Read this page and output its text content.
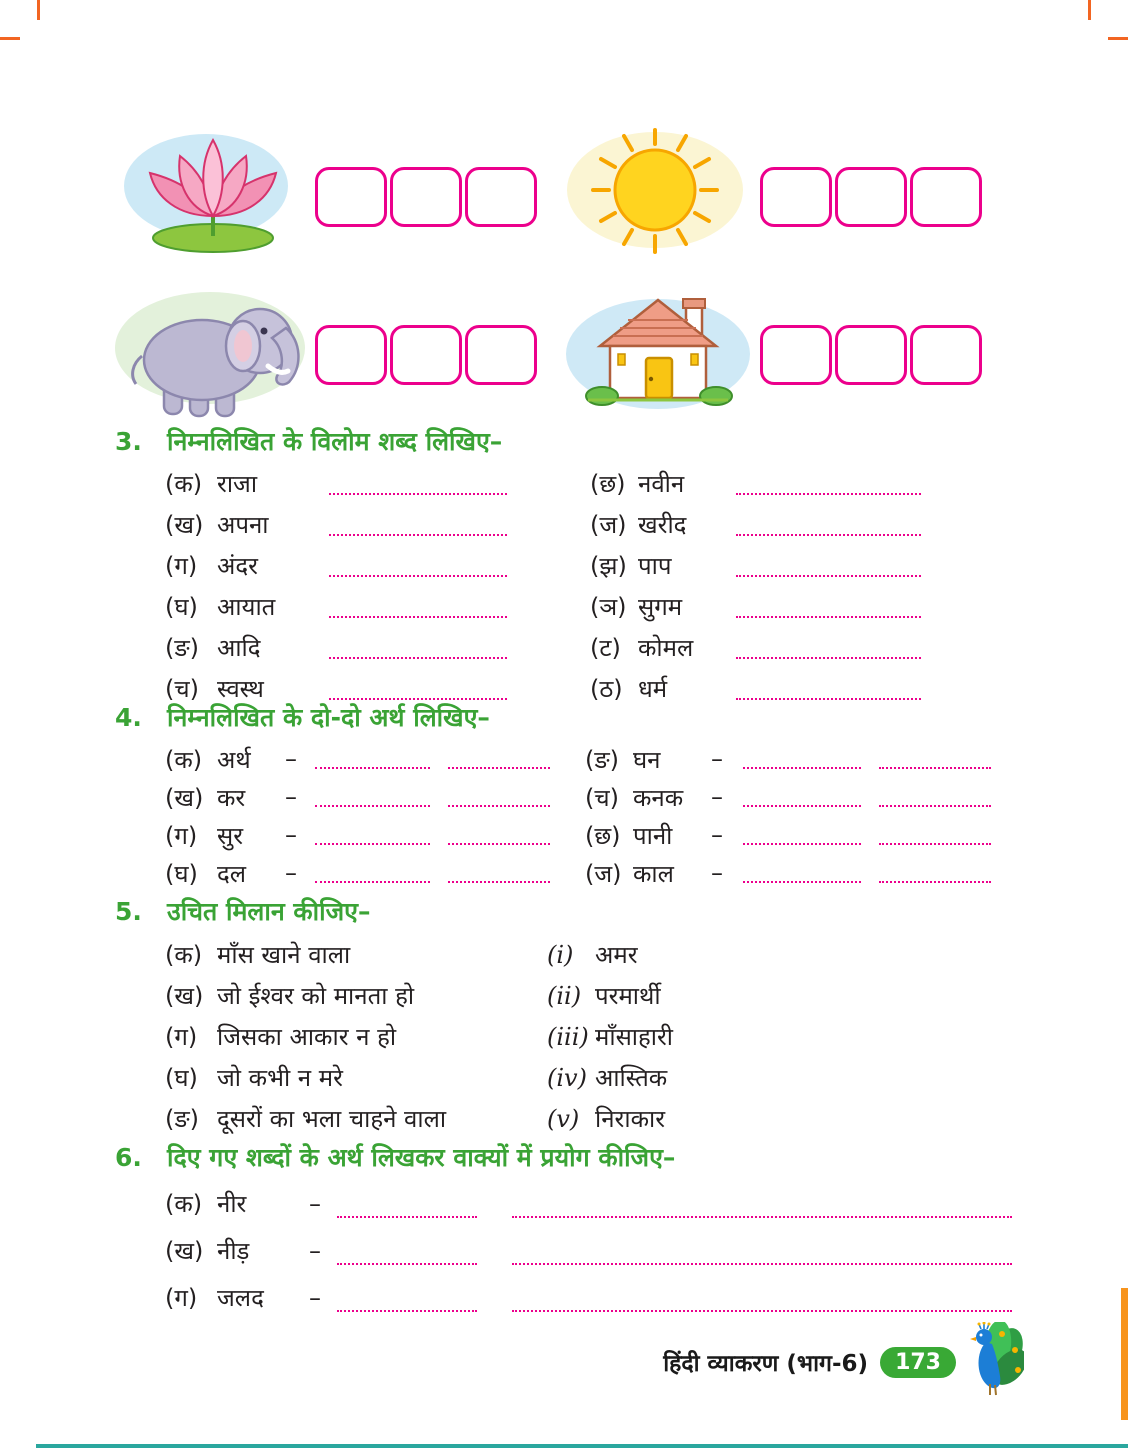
3.	निम्नलिखित के विलोम शब्द लिखिए–
(क) राजा	(छ) नवीन
(ख) अपना	(ज) खरीद
(ग) अंदर	(झ) पाप
(घ) आयात	(ञ) सुगम
(ङ) आदि	(ट) कोमल
(च) स्वस्थ	(ठ) धर्म
4.	निम्नलिखित के दो-दो अर्थ लिखिए–
(क) अर्थ	–	(ङ) घन	–
(ख) कर	–	(च) कनक	–
(ग) सुर	–	(छ) पानी	–
(घ) दल	–	(ज) काल	–
5.	उचित मिलान कीजिए–
(क) माँस खाने वाला	(i) अमर
(ख) जो ईश्वर को मानता हो	(ii) परमार्थी
(ग) जिसका आकार न हो	(iii) माँसाहारी
(घ) जो कभी न मरे	(iv) आस्तिक
(ङ) दूसरों का भला चाहने वाला	(v) निराकार
6.	दिए गए शब्दों के अर्थ लिखकर वाक्यों में प्रयोग कीजिए–
(क) नीर	–
(ख) नीड़	–
(ग) जलद	–
हिंदी व्याकरण (भाग-6)	173
